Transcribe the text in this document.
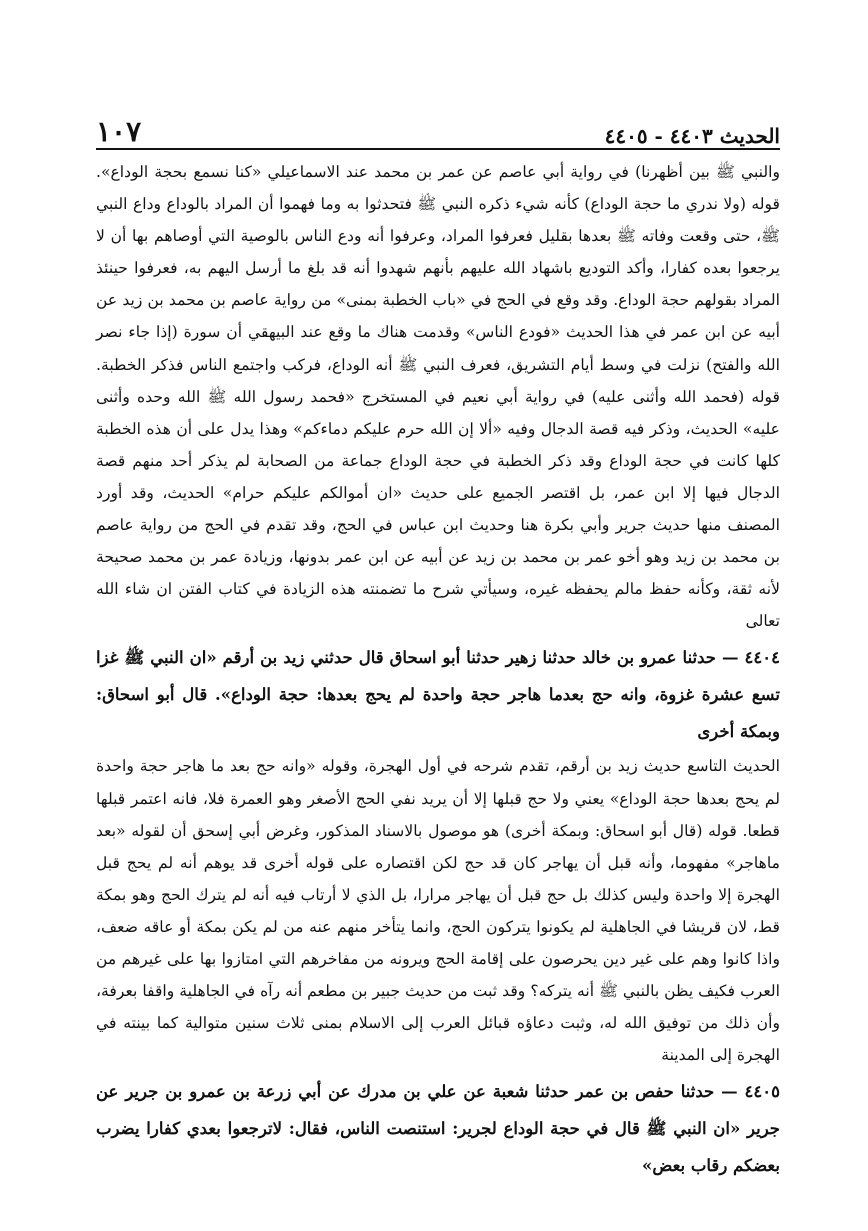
الحديث ٤٤٠٣ - ٤٤٠٥
١٠٧

والنبي ﷺ بين أظهرنا) في رواية أبي عاصم عن عمر بن محمد عند الاسماعيلي «كنا نسمع بحجة الوداع». قوله (ولا ندري ما حجة الوداع) كأنه شيء ذكره النبي ﷺ فتحدثوا به وما فهموا أن المراد بالوداع وداع النبي ﷺ، حتى وقعت وفاته ﷺ بعدها بقليل فعرفوا المراد، وعرفوا أنه ودع الناس بالوصية التي أوصاهم بها أن لا يرجعوا بعده كفارا، وأكد التوديع باشهاد الله عليهم بأنهم شهدوا أنه قد بلغ ما أرسل اليهم به، فعرفوا حينئذ المراد بقولهم حجة الوداع. وقد وقع في الحج في «باب الخطبة بمنى» من رواية عاصم بن محمد بن زيد عن أبيه عن ابن عمر في هذا الحديث «فودع الناس» وقدمت هناك ما وقع عند البيهقي أن سورة (إذا جاء نصر الله والفتح) نزلت في وسط أيام التشريق، فعرف النبي ﷺ أنه الوداع، فركب واجتمع الناس فذكر الخطبة. قوله (فحمد الله وأثنى عليه) في رواية أبي نعيم في المستخرج «فحمد رسول الله ﷺ الله وحده وأثنى عليه» الحديث، وذكر فيه قصة الدجال وفيه «ألا إن الله حرم عليكم دماءكم» وهذا يدل على أن هذه الخطبة كلها كانت في حجة الوداع وقد ذكر الخطبة في حجة الوداع جماعة من الصحابة لم يذكر أحد منهم قصة الدجال فيها إلا ابن عمر، بل اقتصر الجميع على حديث «ان أموالكم عليكم حرام» الحديث، وقد أورد المصنف منها حديث جرير وأبي بكرة هنا وحديث ابن عباس في الحج، وقد تقدم في الحج من رواية عاصم بن محمد بن زيد وهو أخو عمر بن محمد بن زيد عن أبيه عن ابن عمر بدونها، وزيادة عمر بن محمد صحيحة لأنه ثقة، وكأنه حفظ مالم يحفظه غيره، وسيأتي شرح ما تضمنته هذه الزيادة في كتاب الفتن ان شاء الله تعالى

٤٤٠٤ — حدثنا عمرو بن خالد حدثنا زهير حدثنا أبو اسحاق قال حدثني زيد بن أرقم «ان النبي ﷺ غزا تسع عشرة غزوة، وانه حج بعدما هاجر حجة واحدة لم يحج بعدها: حجة الوداع». قال أبو اسحاق: وبمكة أخرى

الحديث التاسع حديث زيد بن أرقم، تقدم شرحه في أول الهجرة، وقوله «وانه حج بعد ما هاجر حجة واحدة لم يحج بعدها حجة الوداع» يعني ولا حج قبلها إلا أن يريد نفي الحج الأصغر وهو العمرة فلا، فانه اعتمر قبلها قطعا. قوله (قال أبو اسحاق: وبمكة أخرى) هو موصول بالاسناد المذكور، وغرض أبي إسحق أن لقوله «بعد ماهاجر» مفهوما، وأنه قبل أن يهاجر كان قد حج لكن اقتصاره على قوله أخرى قد يوهم أنه لم يحج قبل الهجرة إلا واحدة وليس كذلك بل حج قبل أن يهاجر مرارا، بل الذي لا أرتاب فيه أنه لم يترك الحج وهو بمكة قط، لان قريشا في الجاهلية لم يكونوا يتركون الحج، وانما يتأخر منهم عنه من لم يكن بمكة أو عاقه ضعف، واذا كانوا وهم على غير دين يحرصون على إقامة الحج ويرونه من مفاخرهم التي امتازوا بها على غيرهم من العرب فكيف يظن بالنبي ﷺ أنه يتركه؟ وقد ثبت من حديث جبير بن مطعم أنه رآه في الجاهلية واقفا بعرفة، وأن ذلك من توفيق الله له، وثبت دعاؤه قبائل العرب إلى الاسلام بمنى ثلاث سنين متوالية كما بينته في الهجرة إلى المدينة

٤٤٠٥ — حدثنا حفص بن عمر حدثنا شعبة عن علي بن مدرك عن أبي زرعة بن عمرو بن جرير عن جرير «ان النبي ﷺ قال في حجة الوداع لجرير: استنصت الناس، فقال: لاترجعوا بعدي كفارا يضرب بعضكم رقاب بعض»
